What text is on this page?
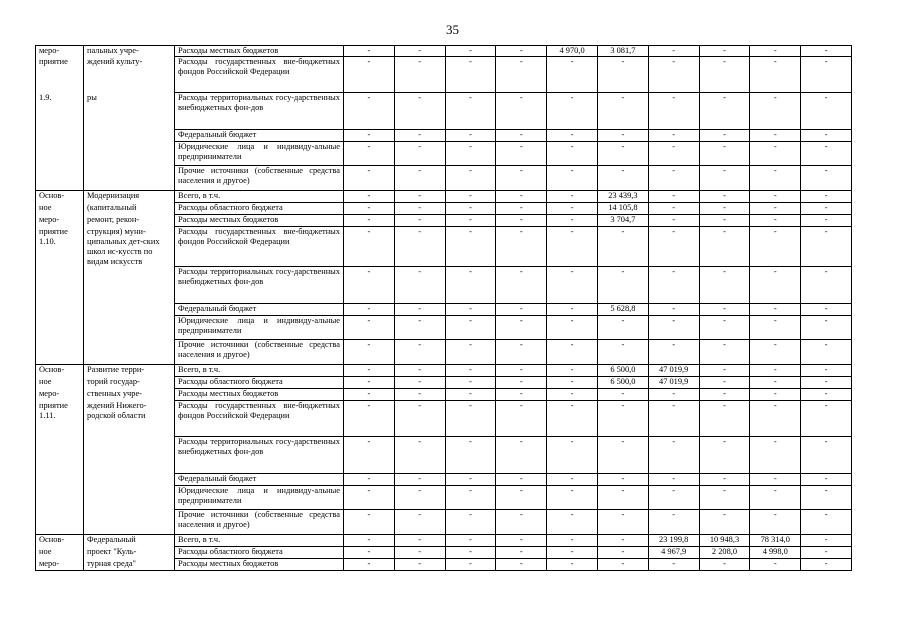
35
меро-	пальных учре-	Расходы местных бюджетов	-	-	-	-	4 970,0	3 081,7	-	-	-	-
приятие	ждений культу-	Расходы государственных вне-бюджетных фондов Российской Федерации	-	-	-	-	-	-	-	-	-	-
1.9.	ры	Расходы территориальных госу-дарственных внебюджетных фон-дов	-	-	-	-	-	-	-	-	-	-
		Федеральный бюджет	-	-	-	-	-	-	-	-	-	-
		Юридические лица и индивиду-альные предприниматели	-	-	-	-	-	-	-	-	-	-
		Прочие источники (собственные средства населения и другое)	-	-	-	-	-	-	-	-	-	-
Основ-	Модернизация	Всего, в т.ч.	-	-	-	-	-	23 439,3	-	-	-	-
ное	(капитальный	Расходы областного бюджета	-	-	-	-	-	14 105,8	-	-	-	-
меро-	ремонт, рекон-	Расходы местных бюджетов	-	-	-	-	-	3 704,7	-	-	-	-
приятие 1.10.	струкция) муни-ципальных дет-ских школ ис-кусств по видам искусств	Расходы государственных вне-бюджетных фондов Российской Федерации	-	-	-	-	-	-	-	-	-	-
		Расходы территориальных госу-дарственных внебюджетных фон-дов	-	-	-	-	-	-	-	-	-	-
		Федеральный бюджет	-	-	-	-	-	5 628,8	-	-	-	-
		Юридические лица и индивиду-альные предприниматели	-	-	-	-	-	-	-	-	-	-
		Прочие источники (собственные средства населения и другое)	-	-	-	-	-	-	-	-	-	-
Основ-	Развитие терри-	Всего, в т.ч.	-	-	-	-	-	6 500,0	47 019,9	-	-	-
ное	торий государ-	Расходы областного бюджета	-	-	-	-	-	6 500,0	47 019,9	-	-	-
меро-	ственных учре-	Расходы местных бюджетов	-	-	-	-	-	-	-	-	-	-
приятие 1.11.	ждений Нижего-родской области	Расходы государственных вне-бюджетных фондов Российской Федерации	-	-	-	-	-	-	-	-	-	-
		Расходы территориальных госу-дарственных внебюджетных фон-дов	-	-	-	-	-	-	-	-	-	-
		Федеральный бюджет	-	-	-	-	-	-	-	-	-	-
		Юридические лица и индивиду-альные предприниматели	-	-	-	-	-	-	-	-	-	-
		Прочие источники (собственные средства населения и другое)	-	-	-	-	-	-	-	-	-	-
Основ-	Федеральный	Всего, в т.ч.	-	-	-	-	-	-	23 199,8	10 948,3	78 314,0	-
ное	проект "Куль-	Расходы областного бюджета	-	-	-	-	-	-	4 967,9	2 208,0	4 998,0	-
меро-	турная среда"	Расходы местных бюджетов	-	-	-	-	-	-	-	-	-	-
